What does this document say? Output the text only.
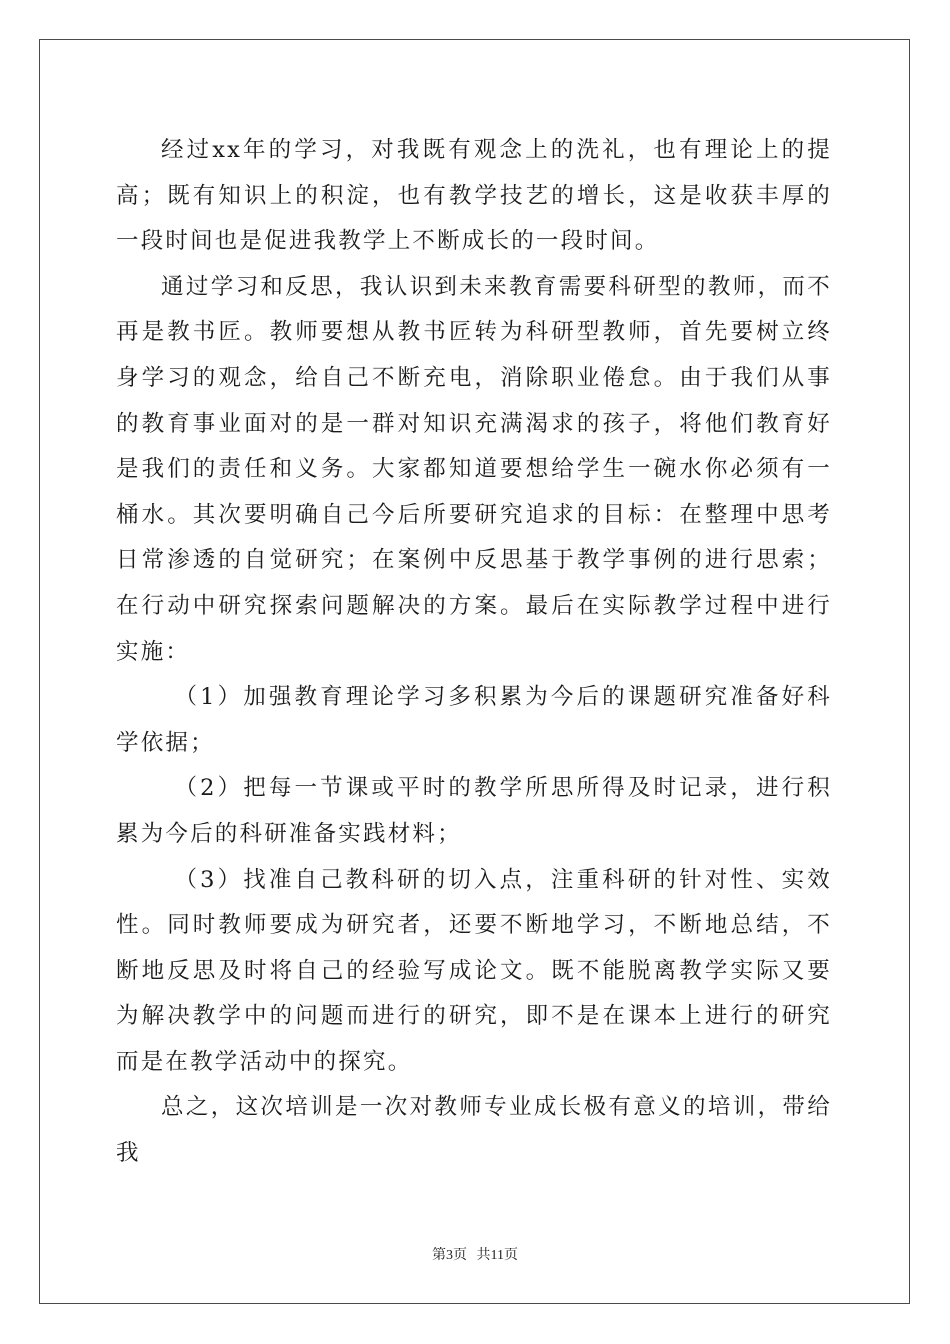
经过xx年的学习，对我既有观念上的洗礼，也有理论上的提高；既有知识上的积淀，也有教学技艺的增长，这是收获丰厚的一段时间也是促进我教学上不断成长的一段时间。

通过学习和反思，我认识到未来教育需要科研型的教师，而不再是教书匠。教师要想从教书匠转为科研型教师，首先要树立终身学习的观念，给自己不断充电，消除职业倦怠。由于我们从事的教育事业面对的是一群对知识充满渴求的孩子，将他们教育好是我们的责任和义务。大家都知道要想给学生一碗水你必须有一桶水。其次要明确自己今后所要研究追求的目标：在整理中思考日常渗透的自觉研究；在案例中反思基于教学事例的进行思索；在行动中研究探索问题解决的方案。最后在实际教学过程中进行实施：

（1）加强教育理论学习多积累为今后的课题研究准备好科学依据；

（2）把每一节课或平时的教学所思所得及时记录，进行积累为今后的科研准备实践材料；

（3）找准自己教科研的切入点，注重科研的针对性、实效性。同时教师要成为研究者，还要不断地学习，不断地总结，不断地反思及时将自己的经验写成论文。既不能脱离教学实际又要为解决教学中的问题而进行的研究，即不是在课本上进行的研究而是在教学活动中的探究。

总之，这次培训是一次对教师专业成长极有意义的培训，带给我

第3页 共11页
